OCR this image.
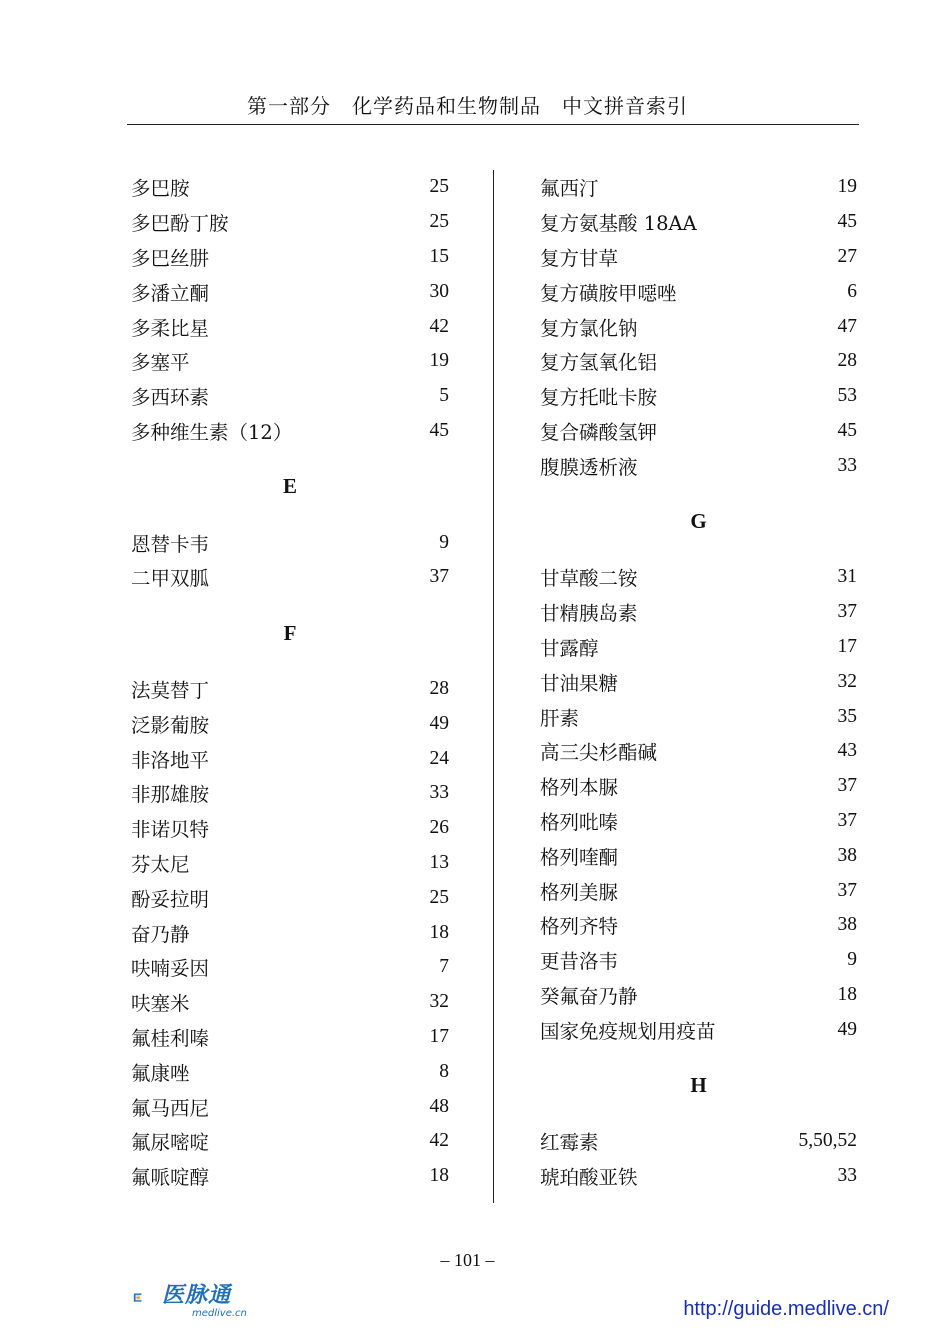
第一部分　化学药品和生物制品　中文拼音索引
多巴胺	25
多巴酚丁胺	25
多巴丝肼	15
多潘立酮	30
多柔比星	42
多塞平	19
多西环素	5
多种维生素（12）	45
E
恩替卡韦	9
二甲双胍	37
F
法莫替丁	28
泛影葡胺	49
非洛地平	24
非那雄胺	33
非诺贝特	26
芬太尼	13
酚妥拉明	25
奋乃静	18
呋喃妥因	7
呋塞米	32
氟桂利嗪	17
氟康唑	8
氟马西尼	48
氟尿嘧啶	42
氟哌啶醇	18
氟西汀	19
复方氨基酸 18AA	45
复方甘草	27
复方磺胺甲噁唑	6
复方氯化钠	47
复方氢氧化铝	28
复方托吡卡胺	53
复合磷酸氢钾	45
腹膜透析液	33
G
甘草酸二铵	31
甘精胰岛素	37
甘露醇	17
甘油果糖	32
肝素	35
高三尖杉酯碱	43
格列本脲	37
格列吡嗪	37
格列喹酮	38
格列美脲	37
格列齐特	38
更昔洛韦	9
癸氟奋乃静	18
国家免疫规划用疫苗	49
H
红霉素	5,50,52
琥珀酸亚铁	33
– 101 –
医脉通
medlive.cn	http://guide.medlive.cn/
